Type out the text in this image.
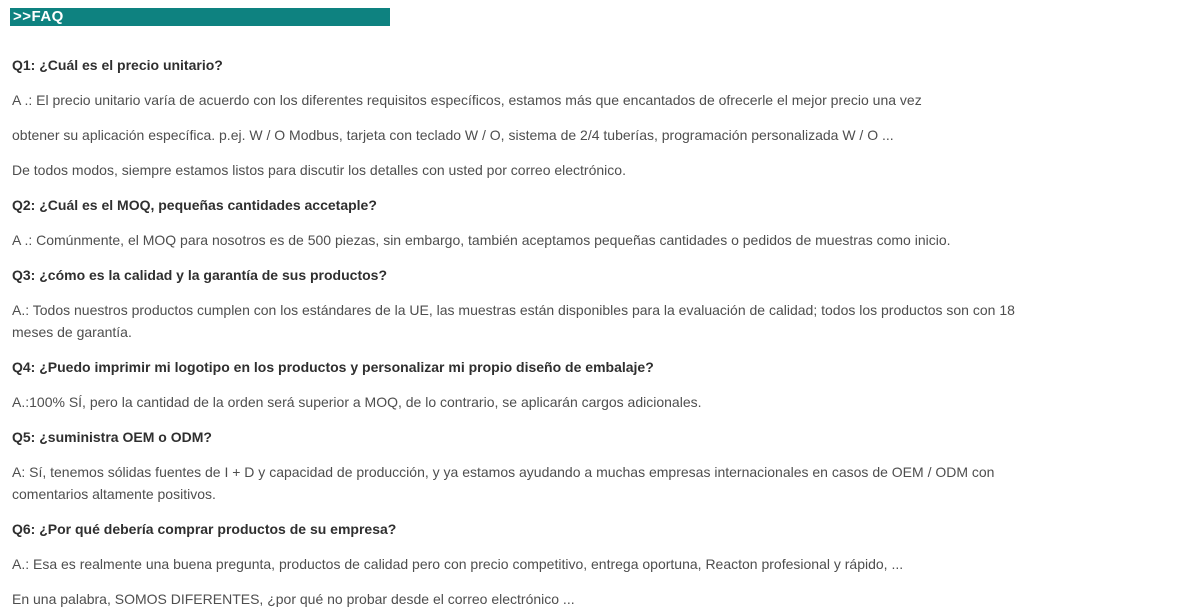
>>FAQ
Q1: ¿Cuál es el precio unitario?

A .: El precio unitario varía de acuerdo con los diferentes requisitos específicos, estamos más que encantados de ofrecerle el mejor precio una vez

obtener su aplicación específica. p.ej. W / O Modbus, tarjeta con teclado W / O, sistema de 2/4 tuberías, programación personalizada W / O ...

De todos modos, siempre estamos listos para discutir los detalles con usted por correo electrónico.

Q2: ¿Cuál es el MOQ, pequeñas cantidades accetaple?

A .: Comúnmente, el MOQ para nosotros es de 500 piezas, sin embargo, también aceptamos pequeñas cantidades o pedidos de muestras como inicio.

Q3: ¿cómo es la calidad y la garantía de sus productos?

A.: Todos nuestros productos cumplen con los estándares de la UE, las muestras están disponibles para la evaluación de calidad; todos los productos son con 18 meses de garantía.

Q4: ¿Puedo imprimir mi logotipo en los productos y personalizar mi propio diseño de embalaje?

A.:100% SÍ, pero la cantidad de la orden será superior a MOQ, de lo contrario, se aplicarán cargos adicionales.

Q5: ¿suministra OEM o ODM?

A: Sí, tenemos sólidas fuentes de I + D y capacidad de producción, y ya estamos ayudando a muchas empresas internacionales en casos de OEM / ODM con comentarios altamente positivos.

Q6: ¿Por qué debería comprar productos de su empresa?

A.: Esa es realmente una buena pregunta, productos de calidad pero con precio competitivo, entrega oportuna, Reacton profesional y rápido, ...

En una palabra, SOMOS DIFERENTES, ¿por qué no probar desde el correo electrónico ...
